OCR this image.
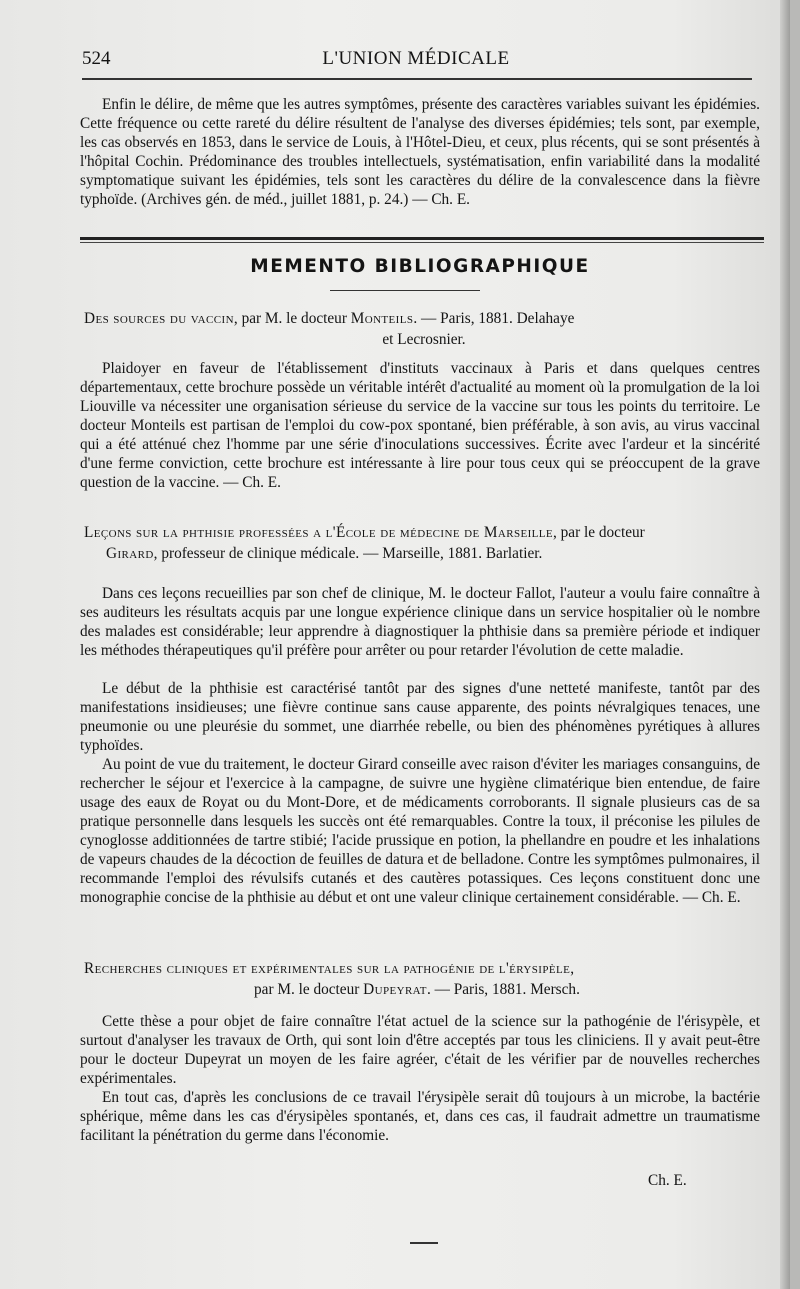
524	L'UNION MÉDICALE

Enfin le délire, de même que les autres symptômes, présente des caractères variables suivant les épidémies. Cette fréquence ou cette rareté du délire résultent de l'analyse des diverses épidémies; tels sont, par exemple, les cas observés en 1853, dans le service de Louis, à l'Hôtel-Dieu, et ceux, plus récents, qui se sont présentés à l'hôpital Cochin. Prédominance des troubles intellectuels, systématisation, enfin variabilité dans la modalité symptomatique suivant les épidémies, tels sont les caractères du délire de la convalescence dans la fièvre typhoïde. (Archives gén. de méd., juillet 1881, p. 24.) — Ch. E.

MEMENTO BIBLIOGRAPHIQUE
Des sources du vaccin, par M. le docteur Monteils. — Paris, 1881. Delahaye
et Lecrosnier.

Plaidoyer en faveur de l'établissement d'instituts vaccinaux à Paris et dans quelques centres départementaux, cette brochure possède un véritable intérêt d'actualité au moment où la promulgation de la loi Liouville va nécessiter une organisation sérieuse du service de la vaccine sur tous les points du territoire. Le docteur Monteils est partisan de l'emploi du cow-pox spontané, bien préférable, à son avis, au virus vaccinal qui a été atténué chez l'homme par une série d'inoculations successives. Écrite avec l'ardeur et la sincérité d'une ferme conviction, cette brochure est intéressante à lire pour tous ceux qui se préoccupent de la grave question de la vaccine. — Ch. E.

Leçons sur la phthisie professées a l'École de médecine de Marseille, par le docteur
Girard, professeur de clinique médicale. — Marseille, 1881. Barlatier.

Dans ces leçons recueillies par son chef de clinique, M. le docteur Fallot, l'auteur a voulu faire connaître à ses auditeurs les résultats acquis par une longue expérience clinique dans un service hospitalier où le nombre des malades est considérable; leur apprendre à diagnostiquer la phthisie dans sa première période et indiquer les méthodes thérapeutiques qu'il préfère pour arrêter ou pour retarder l'évolution de cette maladie.

Le début de la phthisie est caractérisé tantôt par des signes d'une netteté manifeste, tantôt par des manifestations insidieuses; une fièvre continue sans cause apparente, des points névralgiques tenaces, une pneumonie ou une pleurésie du sommet, une diarrhée rebelle, ou bien des phénomènes pyrétiques à allures typhoïdes.

Au point de vue du traitement, le docteur Girard conseille avec raison d'éviter les mariages consanguins, de rechercher le séjour et l'exercice à la campagne, de suivre une hygiène climatérique bien entendue, de faire usage des eaux de Royat ou du Mont-Dore, et de médicaments corroborants. Il signale plusieurs cas de sa pratique personnelle dans lesquels les succès ont été remarquables. Contre la toux, il préconise les pilules de cynoglosse additionnées de tartre stibié; l'acide prussique en potion, la phellandre en poudre et les inhalations de vapeurs chaudes de la décoction de feuilles de datura et de belladone. Contre les symptômes pulmonaires, il recommande l'emploi des révulsifs cutanés et des cautères potassiques. Ces leçons constituent donc une monographie concise de la phthisie au début et ont une valeur clinique certainement considérable. — Ch. E.

Recherches cliniques et expérimentales sur la pathogénie de l'érysipèle,
par M. le docteur Dupeyrat. — Paris, 1881. Mersch.

Cette thèse a pour objet de faire connaître l'état actuel de la science sur la pathogénie de l'érisypèle, et surtout d'analyser les travaux de Orth, qui sont loin d'être acceptés par tous les cliniciens. Il y avait peut-être pour le docteur Dupeyrat un moyen de les faire agréer, c'était de les vérifier par de nouvelles recherches expérimentales.

En tout cas, d'après les conclusions de ce travail l'érysipèle serait dû toujours à un microbe, la bactérie sphérique, même dans les cas d'érysipèles spontanés, et, dans ces cas, il faudrait admettre un traumatisme facilitant la pénétration du germe dans l'économie.

Ch. E.
